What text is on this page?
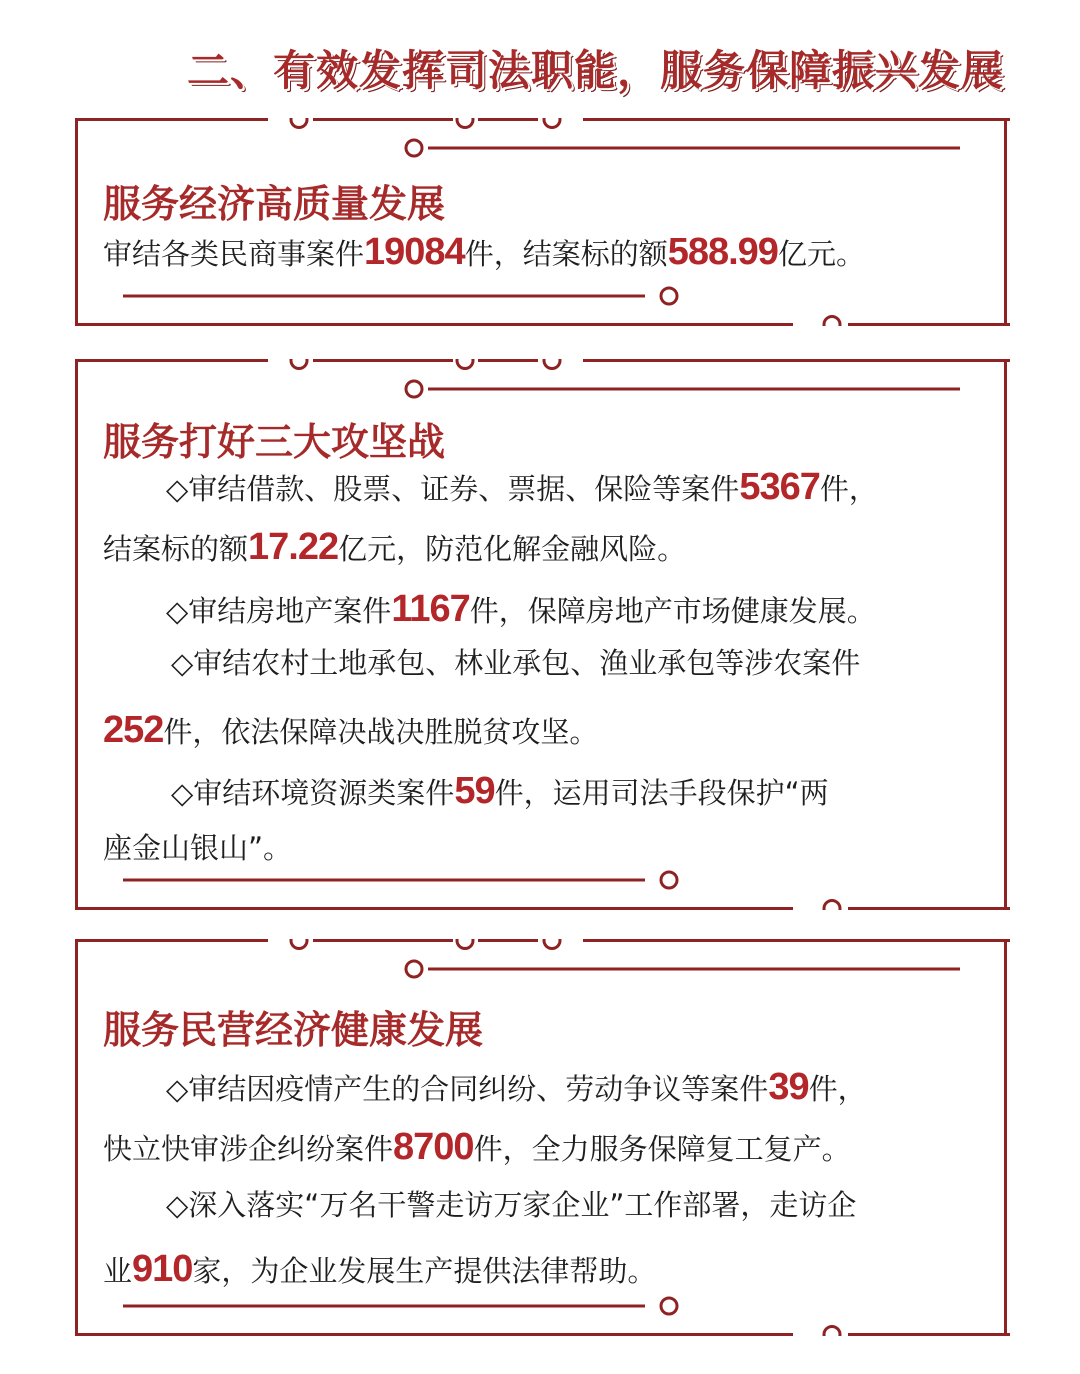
二、有效发挥司法职能，服务保障振兴发展
服务经济高质量发展
审结各类民商事案件19084件，结案标的额588.99亿元。
服务打好三大攻坚战
◇审结借款、股票、证券、票据、保险等案件5367件，
结案标的额17.22亿元，防范化解金融风险。
◇审结房地产案件1167件，保障房地产市场健康发展。
◇审结农村土地承包、林业承包、渔业承包等涉农案件
252件，依法保障决战决胜脱贫攻坚。
◇审结环境资源类案件59件，运用司法手段保护“两
座金山银山”。
服务民营经济健康发展
◇审结因疫情产生的合同纠纷、劳动争议等案件39件，
快立快审涉企纠纷案件8700件，全力服务保障复工复产。
◇深入落实“万名干警走访万家企业”工作部署，走访企
业910家，为企业发展生产提供法律帮助。
